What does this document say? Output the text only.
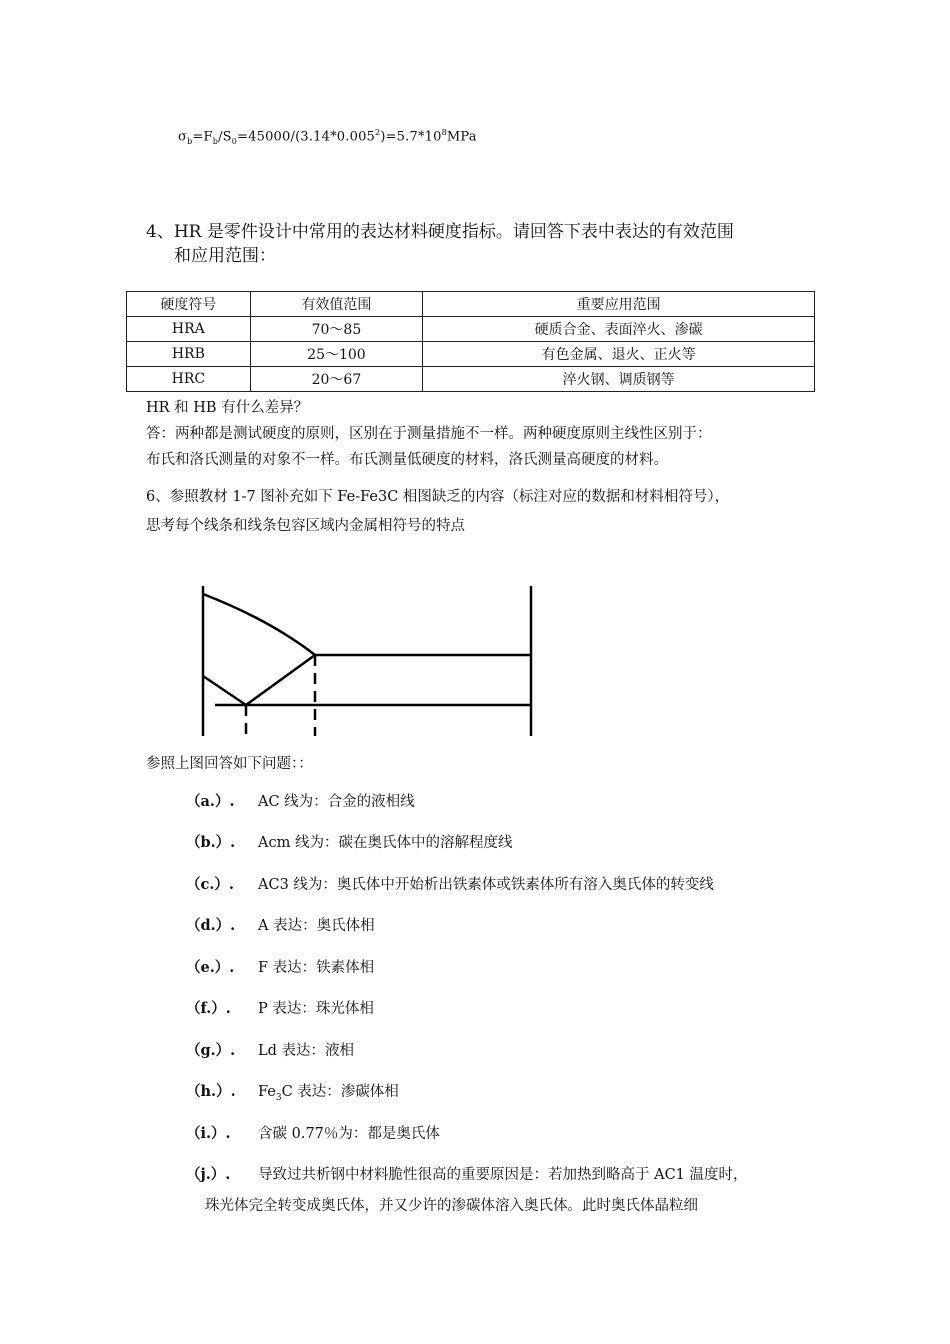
$\sigma_b=F_b/S_0=45000/(3.14*0.005^2)=5.7*10^8MPa$
4、HR 是零件设计中常用的表达材料硬度指标。请回答下表中表达的有效范围
和应用范围：
硬度符号	有效值范围	重要应用范围
HRA	70～85	硬质合金、表面淬火、渗碳
HRB	25～100	有色金属、退火、正火等
HRC	20～67	淬火钢、调质钢等
HR 和 HB 有什么差异？
答：两种都是测试硬度的原则，区别在于测量措施不一样。两种硬度原则主线性区别于：
布氏和洛氏测量的对象不一样。布氏测量低硬度的材料，洛氏测量高硬度的材料。
6、参照教材 1-7 图补充如下 Fe-Fe3C 相图缺乏的内容（标注对应的数据和材料相符号），
思考每个线条和线条包容区域内金属相符号的特点
参照上图回答如下问题：：
（a.）. AC 线为：合金的液相线
（b.）. Acm 线为：碳在奥氏体中的溶解程度线
（c.）. AC3 线为：奥氏体中开始析出铁素体或铁素体所有溶入奥氏体的转变线
（d.）. A 表达：奥氏体相
（e.）. F 表达：铁素体相
（f.）. P 表达：珠光体相
（g.）. Ld 表达：液相
（h.）. $Fe_3C$ 表达：渗碳体相
（i.）. 含碳 0.77％为：都是奥氏体
（j.）. 导致过共析钢中材料脆性很高的重要原因是：若加热到略高于 AC1 温度时，
珠光体完全转变成奥氏体，并又少许的渗碳体溶入奥氏体。此时奥氏体晶粒细
